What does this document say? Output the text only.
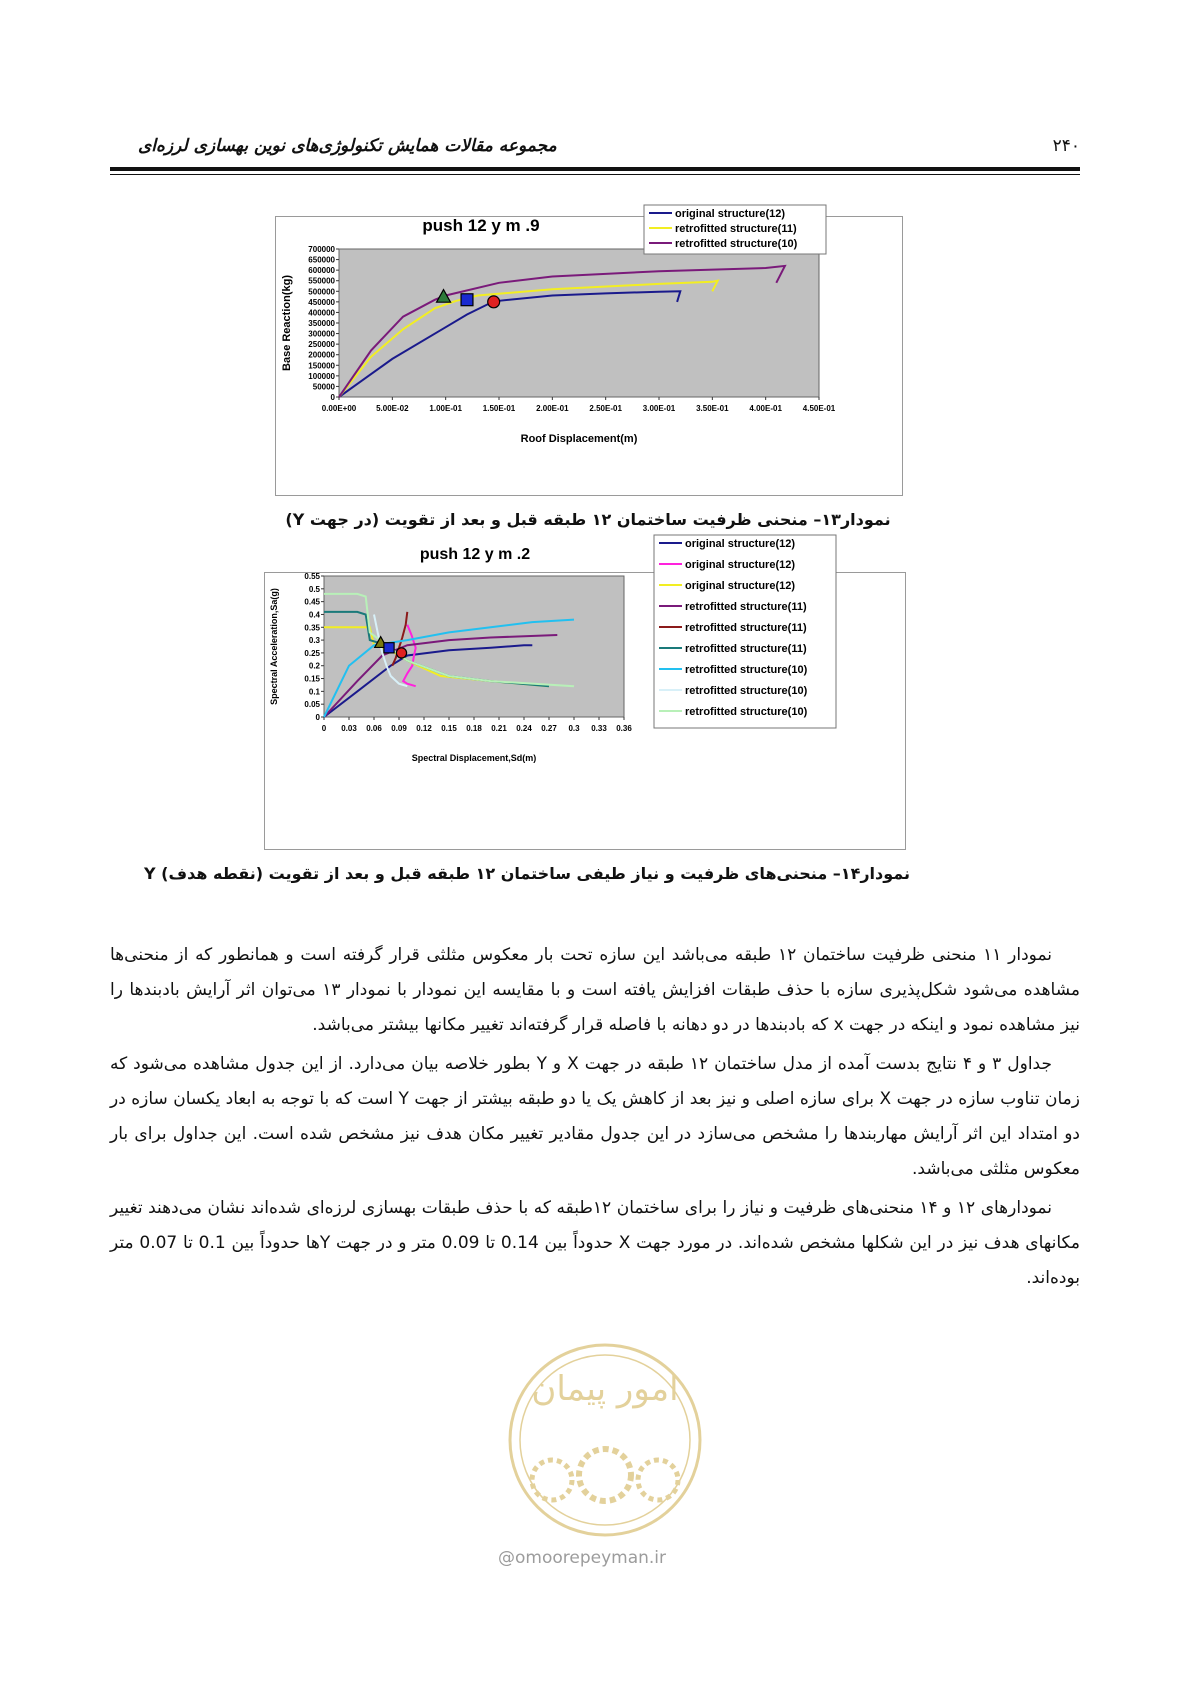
۲۴۰
مجموعه مقالات همایش تکنولوژی‌های نوین بهسازی لرزه‌ای
push 12 y m .9
0
50000
100000
150000
200000
250000
300000
350000
400000
450000
500000
550000
600000
650000
700000
0.00E+00 5.00E-02	1.00E-01	1.50E-01	2.00E-01	2.50E-01	3.00E-01	3.50E-01	4.00E-01	4.50E-01
Roof Displacement(m)
Base Reaction(kg)
original structure(12)
retrofitted structure(11)
retrofitted structure(10)
نمودار۱۳– منحنی ظرفیت ساختمان ۱۲ طبقه قبل و بعد از تقویت (در جهت Y)
push 12 y m .2
0
0.05
0.1
0.15
0.2
0.25
0.3
0.35
0.4
0.45
0.5
0.55
0 0.03 0.06 0.09 0.12 0.15 0.18 0.21 0.24 0.27 0.3 0.33 0.36
Spectral Displacement,Sd(m)
Spectral Acceleration,Sa(g)
original structure(12)
original structure(12)
original structure(12)
retrofitted structure(11)
retrofitted structure(11)
retrofitted structure(11)
retrofitted structure(10)
retrofitted structure(10)
retrofitted structure(10)
نمودار۱۴– منحنی‌های ظرفیت و نیاز طیفی ساختمان ۱۲ طبقه قبل و بعد از تقویت (نقطه هدف) Y

نمودار ۱۱ منحنی ظرفیت ساختمان ۱۲ طبقه می‌باشد این سازه تحت بار معکوس مثلثی قرار گرفته است و همانطور که از منحنی‌ها مشاهده می‌شود شکل‌پذیری سازه با حذف طبقات افزایش یافته است و با مقایسه این نمودار با نمودار ۱۳ می‌توان اثر آرایش بادبندها را نیز مشاهده نمود و اینکه در جهت x که بادبندها در دو دهانه با فاصله قرار گرفته‌اند تغییر مکانها بیشتر می‌باشد.

جداول ۳ و ۴ نتایج بدست آمده از مدل ساختمان ۱۲ طبقه در جهت X و Y بطور خلاصه بیان می‌دارد. از این جدول مشاهده می‌شود که زمان تناوب سازه در جهت X برای سازه اصلی و نیز بعد از کاهش یک یا دو طبقه بیشتر از جهت Y است که با توجه به ابعاد یکسان سازه در دو امتداد این اثر آرایش مهاربندها را مشخص می‌سازد در این جدول مقادیر تغییر مکان هدف نیز مشخص شده است. این جداول برای بار معکوس مثلثی می‌باشد.

نمودارهای ۱۲ و ۱۴ منحنی‌های ظرفیت و نیاز را برای ساختمان ۱۲طبقه که با حذف طبقات بهسازی لرزه‌ای شده‌اند نشان می‌دهند تغییر مکانهای هدف نیز در این شکلها مشخص شده‌اند. در مورد جهت X حدوداً بین 0.14 تا 0.09 متر و در جهت Yها حدوداً بین 0.1 تا 0.07 متر بوده‌اند.

امور پیمان
@omoorepeyman.ir
